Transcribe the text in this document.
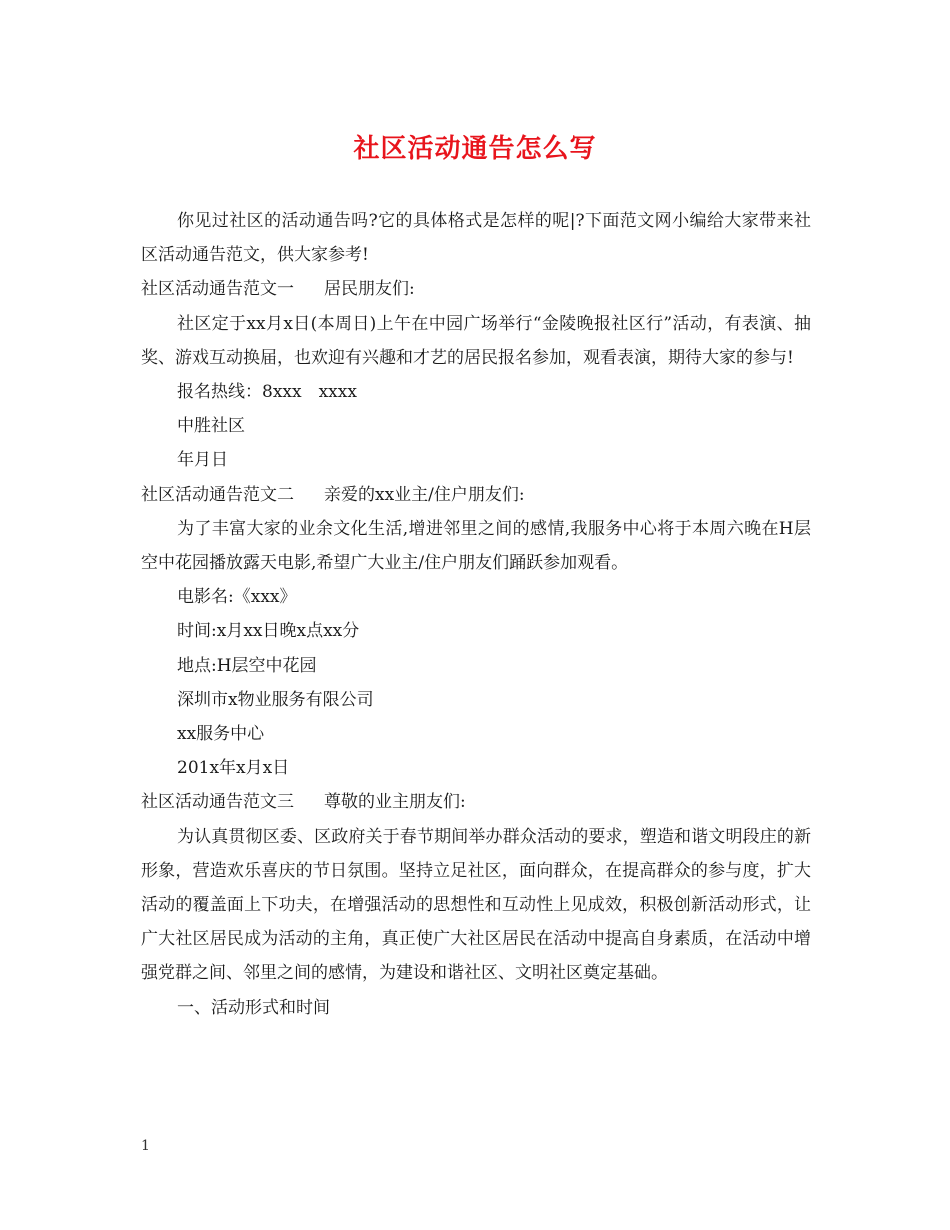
社区活动通告怎么写

你见过社区的活动通告吗?它的具体格式是怎样的呢|?下面范文网小编给大家带来社区活动通告范文，供大家参考!

社区活动通告范文一 居民朋友们:

社区定于xx月x日(本周日)上午在中园广场举行“金陵晚报社区行”活动，有表演、抽奖、游戏互动换届，也欢迎有兴趣和才艺的居民报名参加，观看表演，期待大家的参与!

报名热线：8xxx　xxxx

中胜社区

年月日

社区活动通告范文二 亲爱的xx业主/住户朋友们:

为了丰富大家的业余文化生活,增进邻里之间的感情,我服务中心将于本周六晚在H层空中花园播放露天电影,希望广大业主/住户朋友们踊跃参加观看。

电影名:《xxx》

时间:x月xx日晚x点xx分

地点:H层空中花园

深圳市x物业服务有限公司

xx服务中心

201x年x月x日

社区活动通告范文三 尊敬的业主朋友们:

为认真贯彻区委、区政府关于春节期间举办群众活动的要求，塑造和谐文明段庄的新形象，营造欢乐喜庆的节日氛围。坚持立足社区，面向群众，在提高群众的参与度，扩大活动的覆盖面上下功夫，在增强活动的思想性和互动性上见成效，积极创新活动形式，让广大社区居民成为活动的主角，真正使广大社区居民在活动中提高自身素质，在活动中增强党群之间、邻里之间的感情，为建设和谐社区、文明社区奠定基础。

一、活动形式和时间

1
